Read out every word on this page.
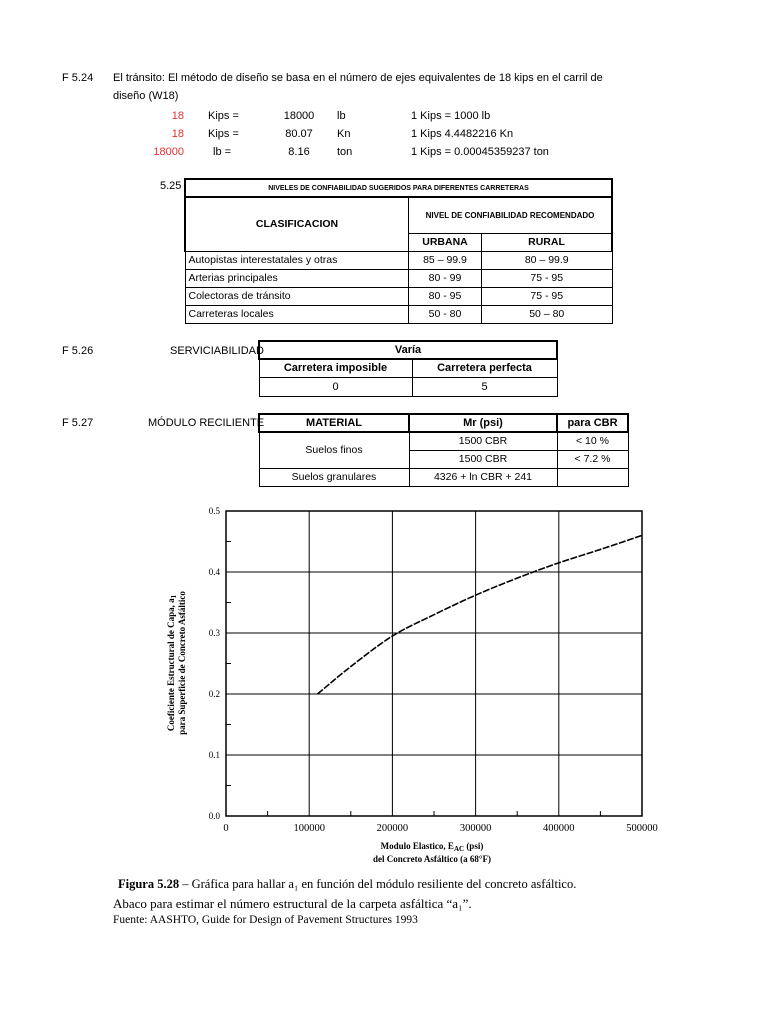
F 5.24 El tránsito: El método de diseño se basa en el número de ejes equivalentes de 18 kips en el carril de
diseño (W18)
18 Kips =	18000	lb	1 Kips = 1000 lb
18 Kips =	80.07	Kn	1 Kips 4.4482216 Kn
18000	lb =	8.16	ton	1 Kips = 0.00045359237 ton
5.25	NIVELES DE CONFIABILIDAD SUGERIDOS PARA DIFERENTES CARRETERAS		
CLASIFICACION	NIVEL DE CONFIABILIDAD RECOMENDADO	
	URBANA	RURAL
Autopistas interestatales y otras	85 – 99.9	80 – 99.9
Arterias principales	80 - 99	75 - 95
Colectoras de tránsito	80 - 95	75 - 95
Carreteras locales	50 - 80	50 – 80
F 5.26	SERVICIABILIDAD	Varía	
Carretera imposible	Carretera perfecta
0	5
F 5.27	MÓDULO RECILIENTE	MATERIAL	Mr (psi)	para CBR
Suelos finos	1500 CBR	< 10 %
	1500 CBR	< 7.2 %
Suelos granulares	4326 + ln CBR + 241	
0	100000	200000	300000	400000	500000
0.0
0.1
0.2
0.3
0.4
0.5
Modulo Elastico, $E_{AC}$ (psi)
del Concreto Asfáltico (a 68°F)
Coeficiente Estructural de Capa, $a_1$ para Superficie de Concreto Asfáltico
Figura 5.28 – Gráfica para hallar a₁ en función del módulo resiliente del concreto asfáltico.
Abaco para estimar el número estructural de la carpeta asfáltica “a₁”.
Fuente: AASHTO, Guide for Design of Pavement Structures 1993
